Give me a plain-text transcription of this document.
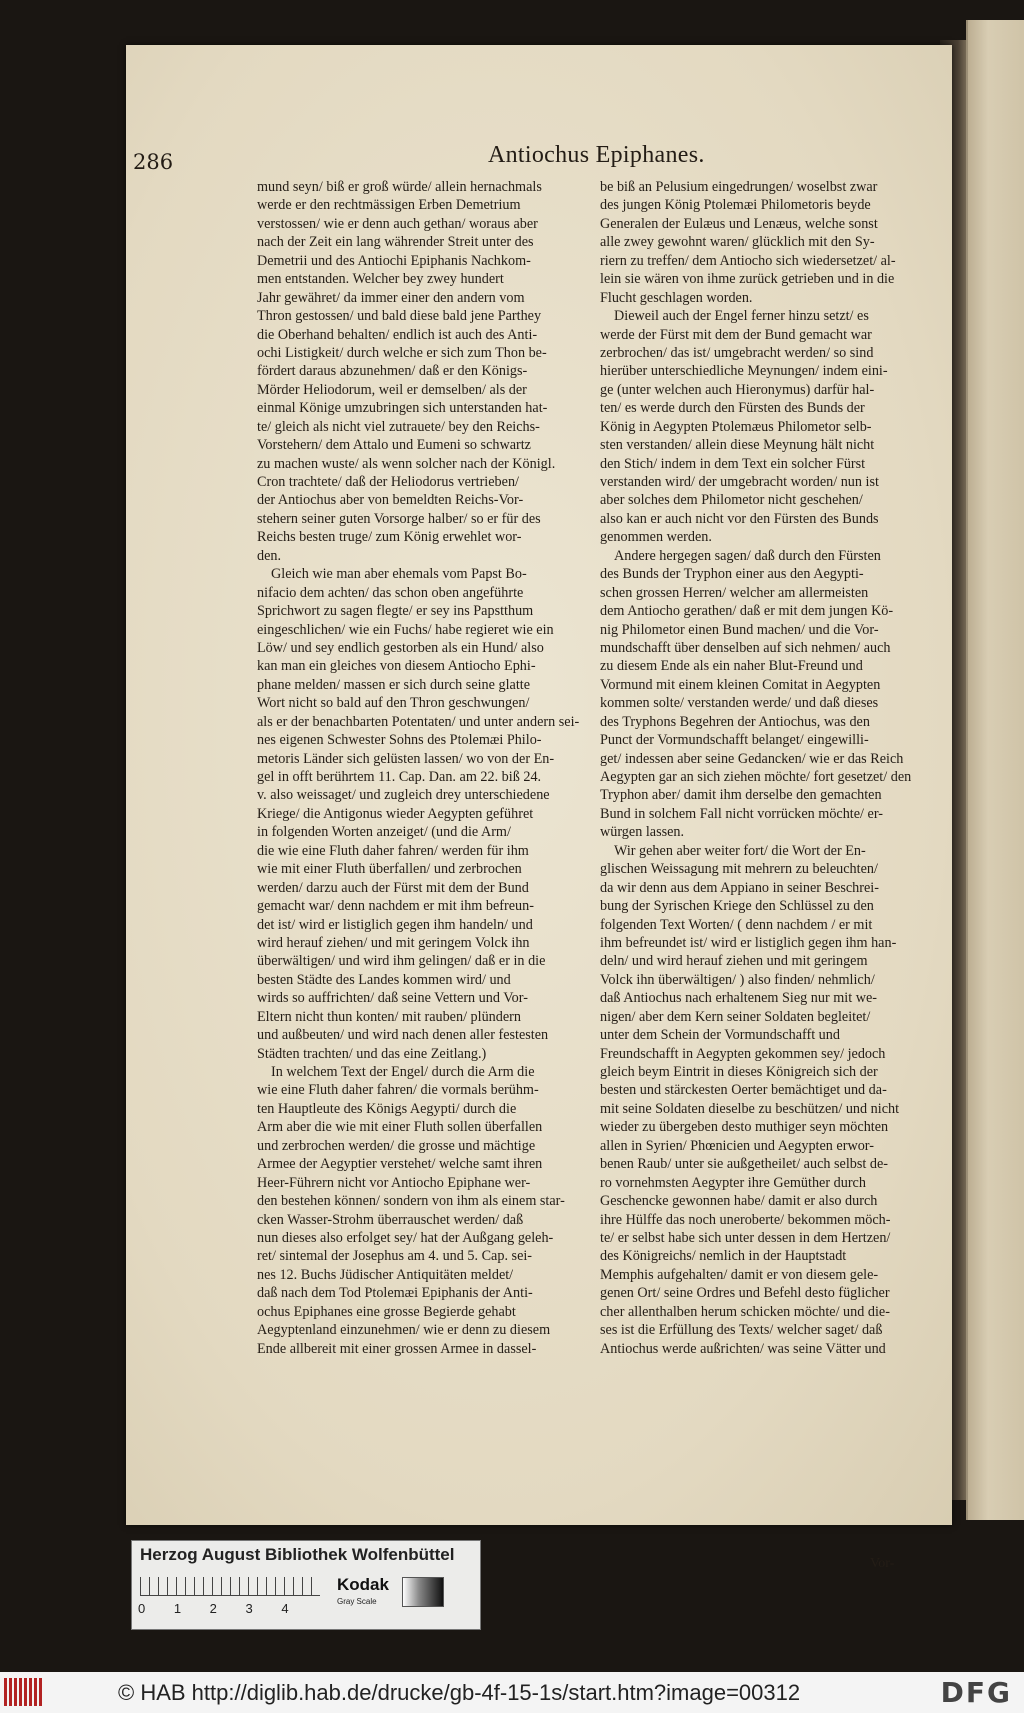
286	Antiochus Epiphanes.
mund seyn/ biß er groß würde/ allein hernachmals
werde er den rechtmässigen Erben Demetrium
verstossen/ wie er denn auch gethan/ woraus aber
nach der Zeit ein lang währender Streit unter des
Demetrii und des Antiochi Epiphanis Nachkom-
men entstanden. Welcher bey zwey hundert
Jahr gewähret/ da immer einer den andern vom
Thron gestossen/ und bald diese bald jene Parthey
die Oberhand behalten/ endlich ist auch des Anti-
ochi Listigkeit/ durch welche er sich zum Thon be-
fördert daraus abzunehmen/ daß er den Königs-
Mörder Heliodorum, weil er demselben/ als der
einmal Könige umzubringen sich unterstanden hat-
te/ gleich als nicht viel zutrauete/ bey den Reichs-
Vorstehern/ dem Attalo und Eumeni so schwartz
zu machen wuste/ als wenn solcher nach der Königl.
Cron trachtete/ daß der Heliodorus vertrieben/
der Antiochus aber von bemeldten Reichs-Vor-
stehern seiner guten Vorsorge halber/ so er für des
Reichs besten truge/ zum König erwehlet wor-
den.
Gleich wie man aber ehemals vom Papst Bo-
nifacio dem achten/ das schon oben angeführte
Sprichwort zu sagen flegte/ er sey ins Papstthum
eingeschlichen/ wie ein Fuchs/ habe regieret wie ein
Löw/ und sey endlich gestorben als ein Hund/ also
kan man ein gleiches von diesem Antiocho Ephi-
phane melden/ massen er sich durch seine glatte
Wort nicht so bald auf den Thron geschwungen/
als er der benachbarten Potentaten/ und unter andern sei-
nes eigenen Schwester Sohns des Ptolemæi Philo-
metoris Länder sich gelüsten lassen/ wo von der En-
gel in offt berührtem 11. Cap. Dan. am 22. biß 24.
v. also weissaget/ und zugleich drey unterschiedene
Kriege/ die Antigonus wieder Aegypten geführet
in folgenden Worten anzeiget/ (und die Arm/
die wie eine Fluth daher fahren/ werden für ihm
wie mit einer Fluth überfallen/ und zerbrochen
werden/ darzu auch der Fürst mit dem der Bund
gemacht war/ denn nachdem er mit ihm befreun-
det ist/ wird er listiglich gegen ihm handeln/ und
wird herauf ziehen/ und mit geringem Volck ihn
überwältigen/ und wird ihm gelingen/ daß er in die
besten Städte des Landes kommen wird/ und
wirds so auffrichten/ daß seine Vettern und Vor-
Eltern nicht thun konten/ mit rauben/ plündern
und außbeuten/ und wird nach denen aller festesten
Städten trachten/ und das eine Zeitlang.)
In welchem Text der Engel/ durch die Arm die
wie eine Fluth daher fahren/ die vormals berühm-
ten Hauptleute des Königs Aegypti/ durch die
Arm aber die wie mit einer Fluth sollen überfallen
und zerbrochen werden/ die grosse und mächtige
Armee der Aegyptier verstehet/ welche samt ihren
Heer-Führern nicht vor Antiocho Epiphane wer-
den bestehen können/ sondern von ihm als einem star-
cken Wasser-Strohm überrauschet werden/ daß
nun dieses also erfolget sey/ hat der Außgang geleh-
ret/ sintemal der Josephus am 4. und 5. Cap. sei-
nes 12. Buchs Jüdischer Antiquitäten meldet/
daß nach dem Tod Ptolemæi Epiphanis der Anti-
ochus Epiphanes eine grosse Begierde gehabt
Aegyptenland einzunehmen/ wie er denn zu diesem
Ende allbereit mit einer grossen Armee in dassel-
be biß an Pelusium eingedrungen/ woselbst zwar
des jungen König Ptolemæi Philometoris beyde
Generalen der Eulæus und Lenæus, welche sonst
alle zwey gewohnt waren/ glücklich mit den Sy-
riern zu treffen/ dem Antiocho sich wiedersetzet/ al-
lein sie wären von ihme zurück getrieben und in die
Flucht geschlagen worden.
Dieweil auch der Engel ferner hinzu setzt/ es
werde der Fürst mit dem der Bund gemacht war
zerbrochen/ das ist/ umgebracht werden/ so sind
hierüber unterschiedliche Meynungen/ indem eini-
ge (unter welchen auch Hieronymus) darfür hal-
ten/ es werde durch den Fürsten des Bunds der
König in Aegypten Ptolemæus Philometor selb-
sten verstanden/ allein diese Meynung hält nicht
den Stich/ indem in dem Text ein solcher Fürst
verstanden wird/ der umgebracht worden/ nun ist
aber solches dem Philometor nicht geschehen/
also kan er auch nicht vor den Fürsten des Bunds
genommen werden.
Andere hergegen sagen/ daß durch den Fürsten
des Bunds der Tryphon einer aus den Aegypti-
schen grossen Herren/ welcher am allermeisten
dem Antiocho gerathen/ daß er mit dem jungen Kö-
nig Philometor einen Bund machen/ und die Vor-
mundschafft über denselben auf sich nehmen/ auch
zu diesem Ende als ein naher Blut-Freund und
Vormund mit einem kleinen Comitat in Aegypten
kommen solte/ verstanden werde/ und daß dieses
des Tryphons Begehren der Antiochus, was den
Punct der Vormundschafft belanget/ eingewilli-
get/ indessen aber seine Gedancken/ wie er das Reich
Aegypten gar an sich ziehen möchte/ fort gesetzet/ den
Tryphon aber/ damit ihm derselbe den gemachten
Bund in solchem Fall nicht vorrücken möchte/ er-
würgen lassen.
Wir gehen aber weiter fort/ die Wort der En-
glischen Weissagung mit mehrern zu beleuchten/
da wir denn aus dem Appiano in seiner Beschrei-
bung der Syrischen Kriege den Schlüssel zu den
folgenden Text Worten/ ( denn nachdem / er mit
ihm befreundet ist/ wird er listiglich gegen ihm han-
deln/ und wird herauf ziehen und mit geringem
Volck ihn überwältigen/ ) also finden/ nehmlich/
daß Antiochus nach erhaltenem Sieg nur mit we-
nigen/ aber dem Kern seiner Soldaten begleitet/
unter dem Schein der Vormundschafft und
Freundschafft in Aegypten gekommen sey/ jedoch
gleich beym Eintrit in dieses Königreich sich der
besten und stärckesten Oerter bemächtiget und da-
mit seine Soldaten dieselbe zu beschützen/ und nicht
wieder zu übergeben desto muthiger seyn möchten
allen in Syrien/ Phœnicien und Aegypten erwor-
benen Raub/ unter sie außgetheilet/ auch selbst de-
ro vornehmsten Aegypter ihre Gemüther durch
Geschencke gewonnen habe/ damit er also durch
ihre Hülffe das noch uneroberte/ bekommen möch-
te/ er selbst habe sich unter dessen in dem Hertzen/
des Königreichs/ nemlich in der Hauptstadt
Memphis aufgehalten/ damit er von diesem gele-
genen Ort/ seine Ordres und Befehl desto füglicher
cher allenthalben herum schicken möchte/ und die-
ses ist die Erfüllung des Texts/ welcher saget/ daß
Antiochus werde außrichten/ was seine Vätter und
Vor-
Herzog August Bibliothek Wolfenbüttel
0 1 2 3 4
Kodak
Gray Scale
© HAB http://diglib.hab.de/drucke/gb-4f-15-1s/start.htm?image=00312	DFG
